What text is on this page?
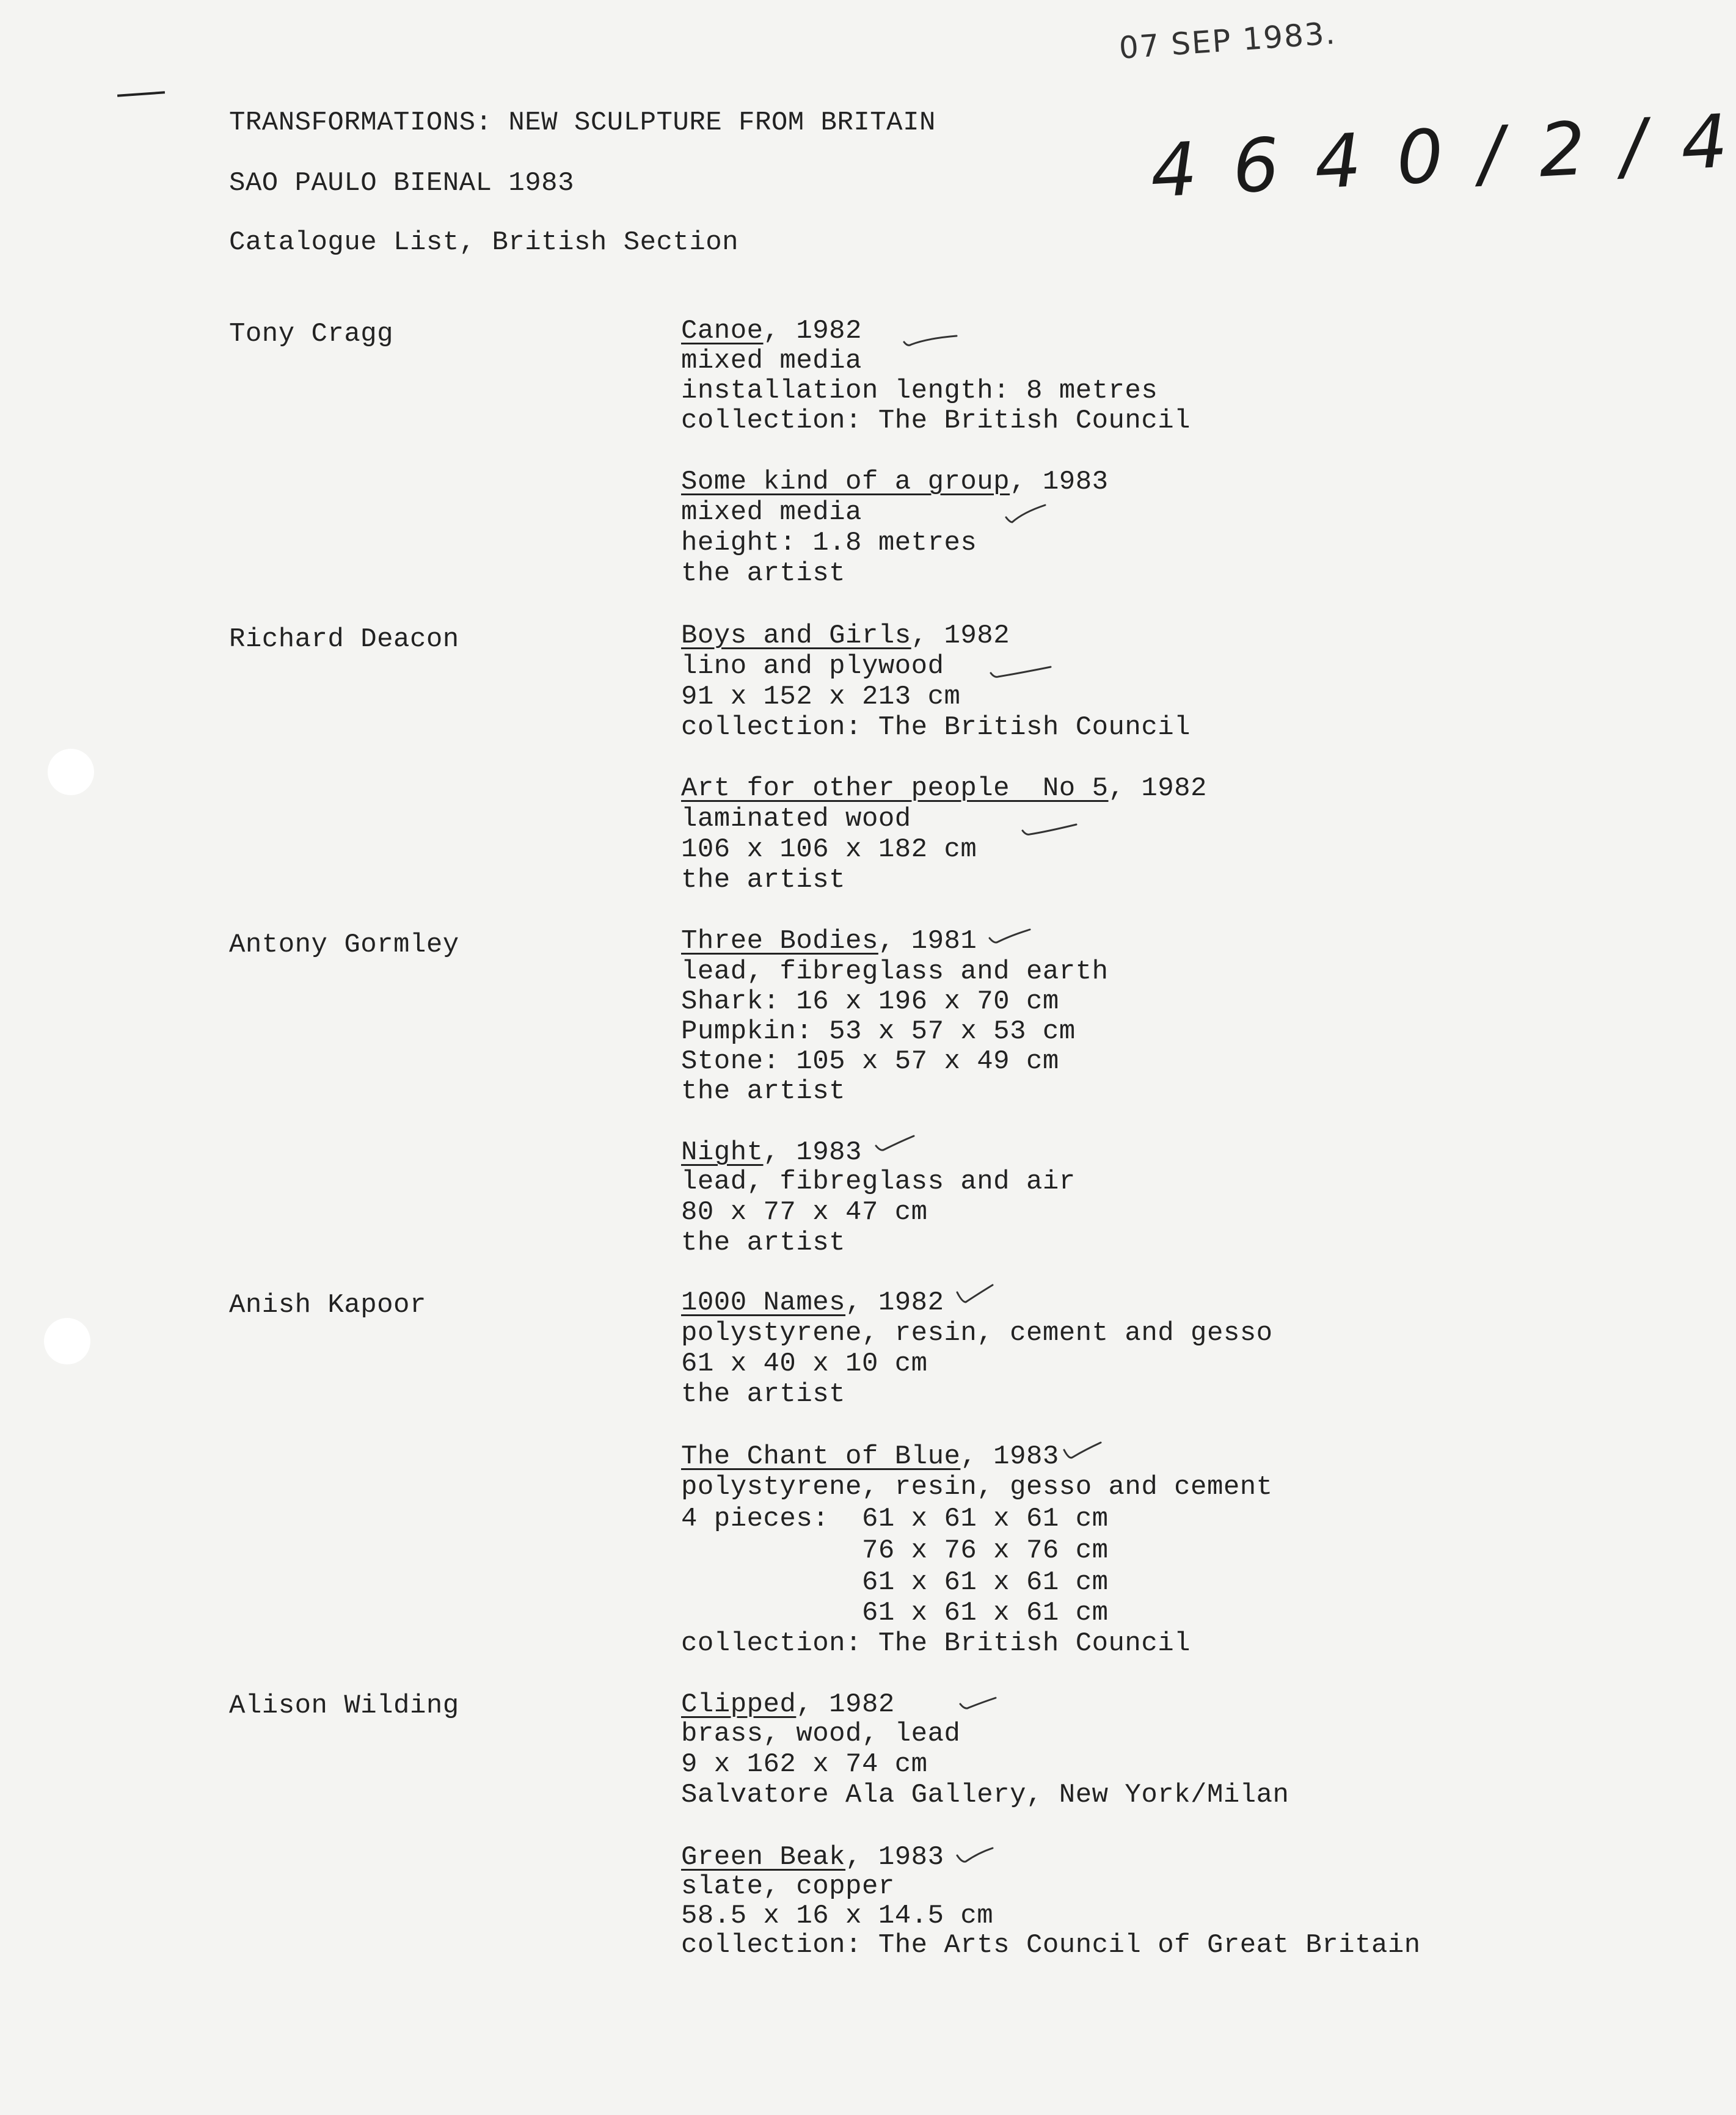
07 SEP 1983.
4 6 4 0 / 2 / 4
TRANSFORMATIONS: NEW SCULPTURE FROM BRITAIN
SAO PAULO BIENAL 1983
Catalogue List, British Section
Tony Cragg	Canoe, 1982
mixed media
installation length: 8 metres
collection: The British Council
Some kind of a group, 1983
mixed media
height: 1.8 metres
the artist
Richard Deacon	Boys and Girls, 1982
lino and plywood
91 x 152 x 213 cm
collection: The British Council
Art for other people  No 5, 1982
laminated wood
106 x 106 x 182 cm
the artist
Antony Gormley	Three Bodies, 1981
lead, fibreglass and earth
Shark: 16 x 196 x 70 cm
Pumpkin: 53 x 57 x 53 cm
Stone: 105 x 57 x 49 cm
the artist
Night, 1983
lead, fibreglass and air
80 x 77 x 47 cm
the artist
Anish Kapoor	1000 Names, 1982
polystyrene, resin, cement and gesso
61 x 40 x 10 cm
the artist
The Chant of Blue, 1983
polystyrene, resin, gesso and cement
4 pieces:  61 x 61 x 61 cm
76 x 76 x 76 cm
61 x 61 x 61 cm
61 x 61 x 61 cm
collection: The British Council
Alison Wilding	Clipped, 1982
brass, wood, lead
9 x 162 x 74 cm
Salvatore Ala Gallery, New York/Milan
Green Beak, 1983
slate, copper
58.5 x 16 x 14.5 cm
collection: The Arts Council of Great Britain
